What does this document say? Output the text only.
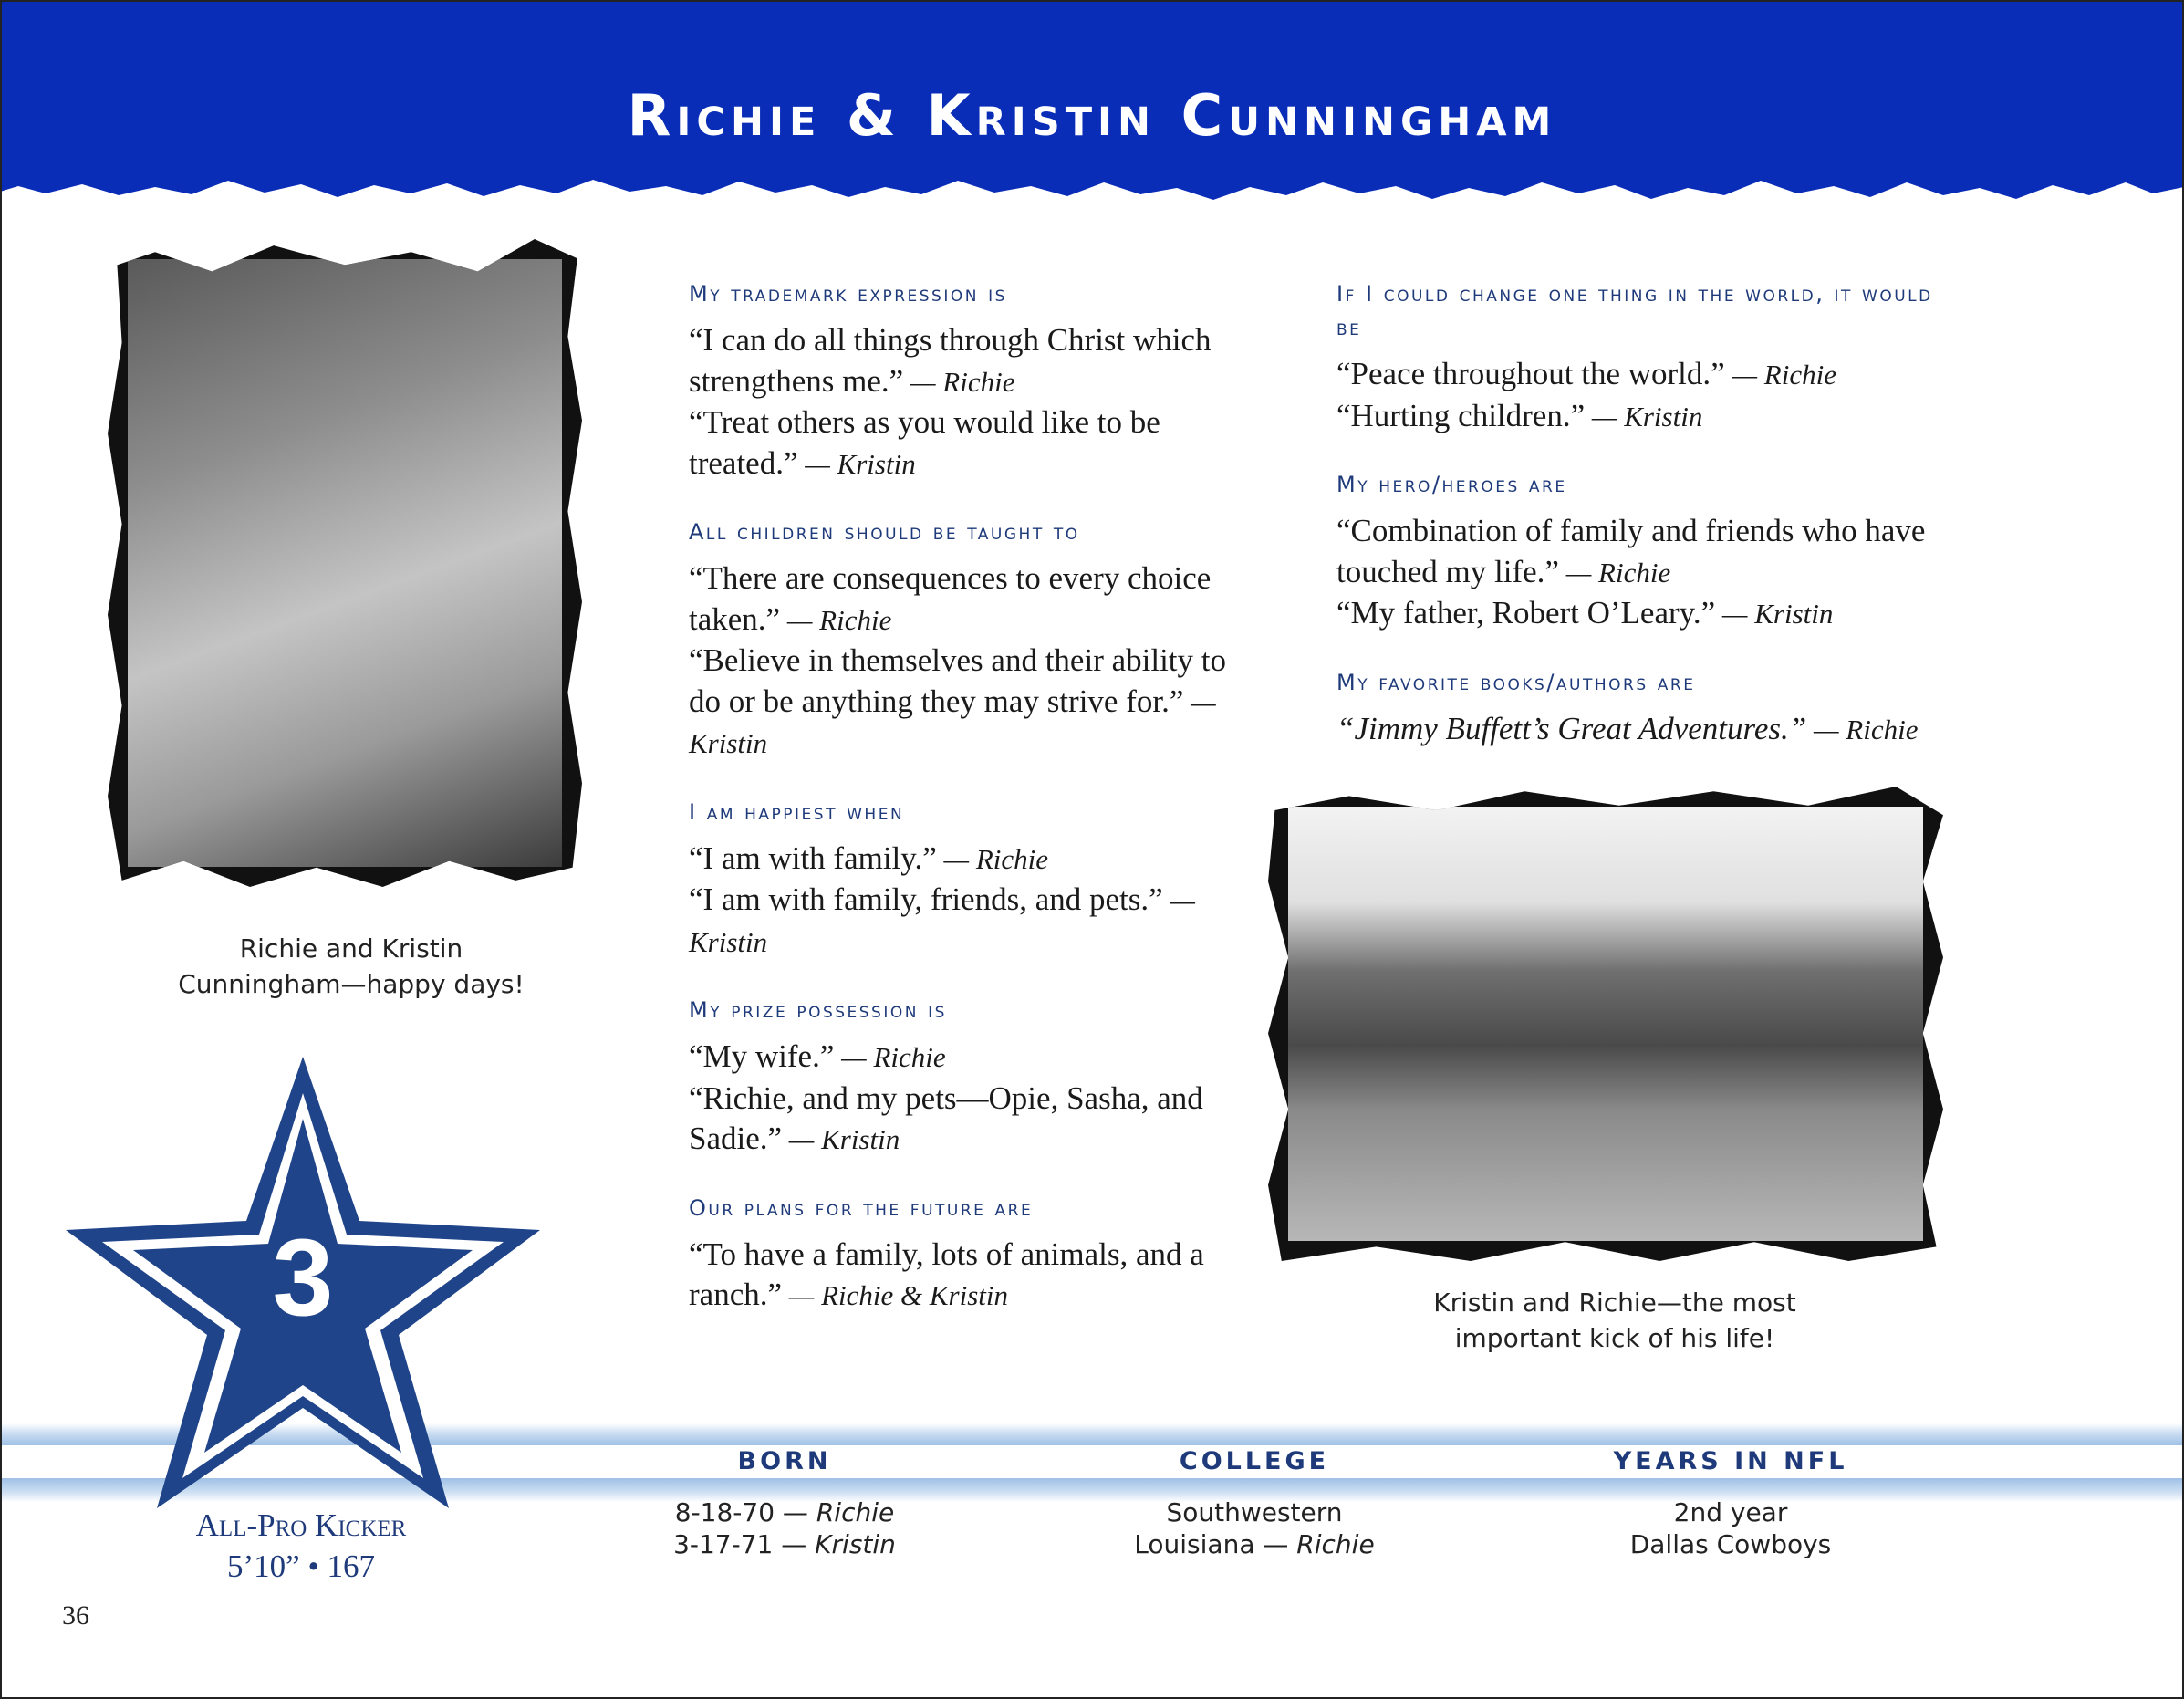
Richie & Kristin Cunningham
Richie and Kristin
Cunningham—happy days!
My trademark expression is

“I can do all things through Christ which strengthens me.” — Richie

“Treat others as you would like to be treated.” — Kristin

All children should be taught to

“There are consequences to every choice taken.” — Richie

“Believe in themselves and their ability to do or be anything they may strive for.” — Kristin

I am happiest when

“I am with family.” — Richie

“I am with family, friends, and pets.” — Kristin

My prize possession is

“My wife.” — Richie

“Richie, and my pets—Opie, Sasha, and Sadie.” — Kristin

Our plans for the future are

“To have a family, lots of animals, and a ranch.” — Richie & Kristin

If I could change one thing in the world, it would be

“Peace throughout the world.” — Richie

“Hurting children.” — Kristin

My hero/heroes are

“Combination of family and friends who have touched my life.” — Richie

“My father, Robert O’Leary.” — Kristin

My favorite books/authors are

“Jimmy Buffett’s Great Adventures.” — Richie

Kristin and Richie—the most
important kick of his life!
BORN
8-18-70 — Richie
3-17-71 — Kristin
COLLEGE
Southwestern
Louisiana — Richie
YEARS IN NFL
2nd year
Dallas Cowboys
3
All-Pro Kicker
5’10” • 167
36
